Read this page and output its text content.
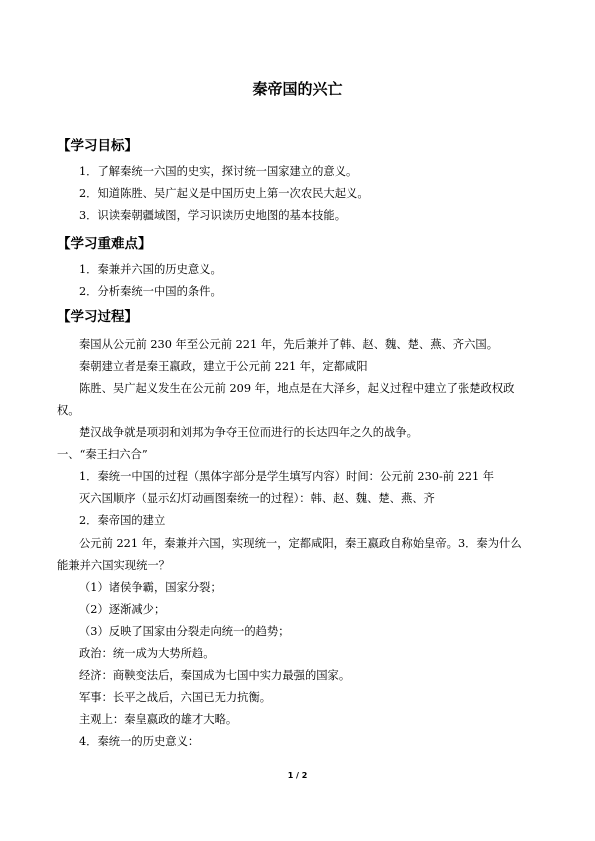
秦帝国的兴亡
【学习目标】
1．了解秦统一六国的史实，探讨统一国家建立的意义。
2．知道陈胜、吴广起义是中国历史上第一次农民大起义。
3．识读秦朝疆域图，学习识读历史地图的基本技能。
【学习重难点】
1．秦兼并六国的历史意义。
2．分析秦统一中国的条件。
【学习过程】
秦国从公元前 230 年至公元前 221 年，先后兼并了韩、赵、魏、楚、燕、齐六国。
秦朝建立者是秦王嬴政，建立于公元前 221 年，定都咸阳
陈胜、吴广起义发生在公元前 209 年，地点是在大泽乡，起义过程中建立了张楚政权政
权。
楚汉战争就是项羽和刘邦为争夺王位而进行的长达四年之久的战争。
一、“秦王扫六合”
1．秦统一中国的过程（黑体字部分是学生填写内容）时间：公元前 230-前 221 年
灭六国顺序（显示幻灯动画图秦统一的过程）：韩、赵、魏、楚、燕、齐
2．秦帝国的建立
公元前 221 年，秦兼并六国，实现统一，定都咸阳，秦王嬴政自称始皇帝。3．秦为什么
能兼并六国实现统一？
（1）诸侯争霸，国家分裂；
（2）逐渐减少；
（3）反映了国家由分裂走向统一的趋势；
政治：统一成为大势所趋。
经济：商鞅变法后，秦国成为七国中实力最强的国家。
军事：长平之战后，六国已无力抗衡。
主观上：秦皇嬴政的雄才大略。
4．秦统一的历史意义：
1 / 2
